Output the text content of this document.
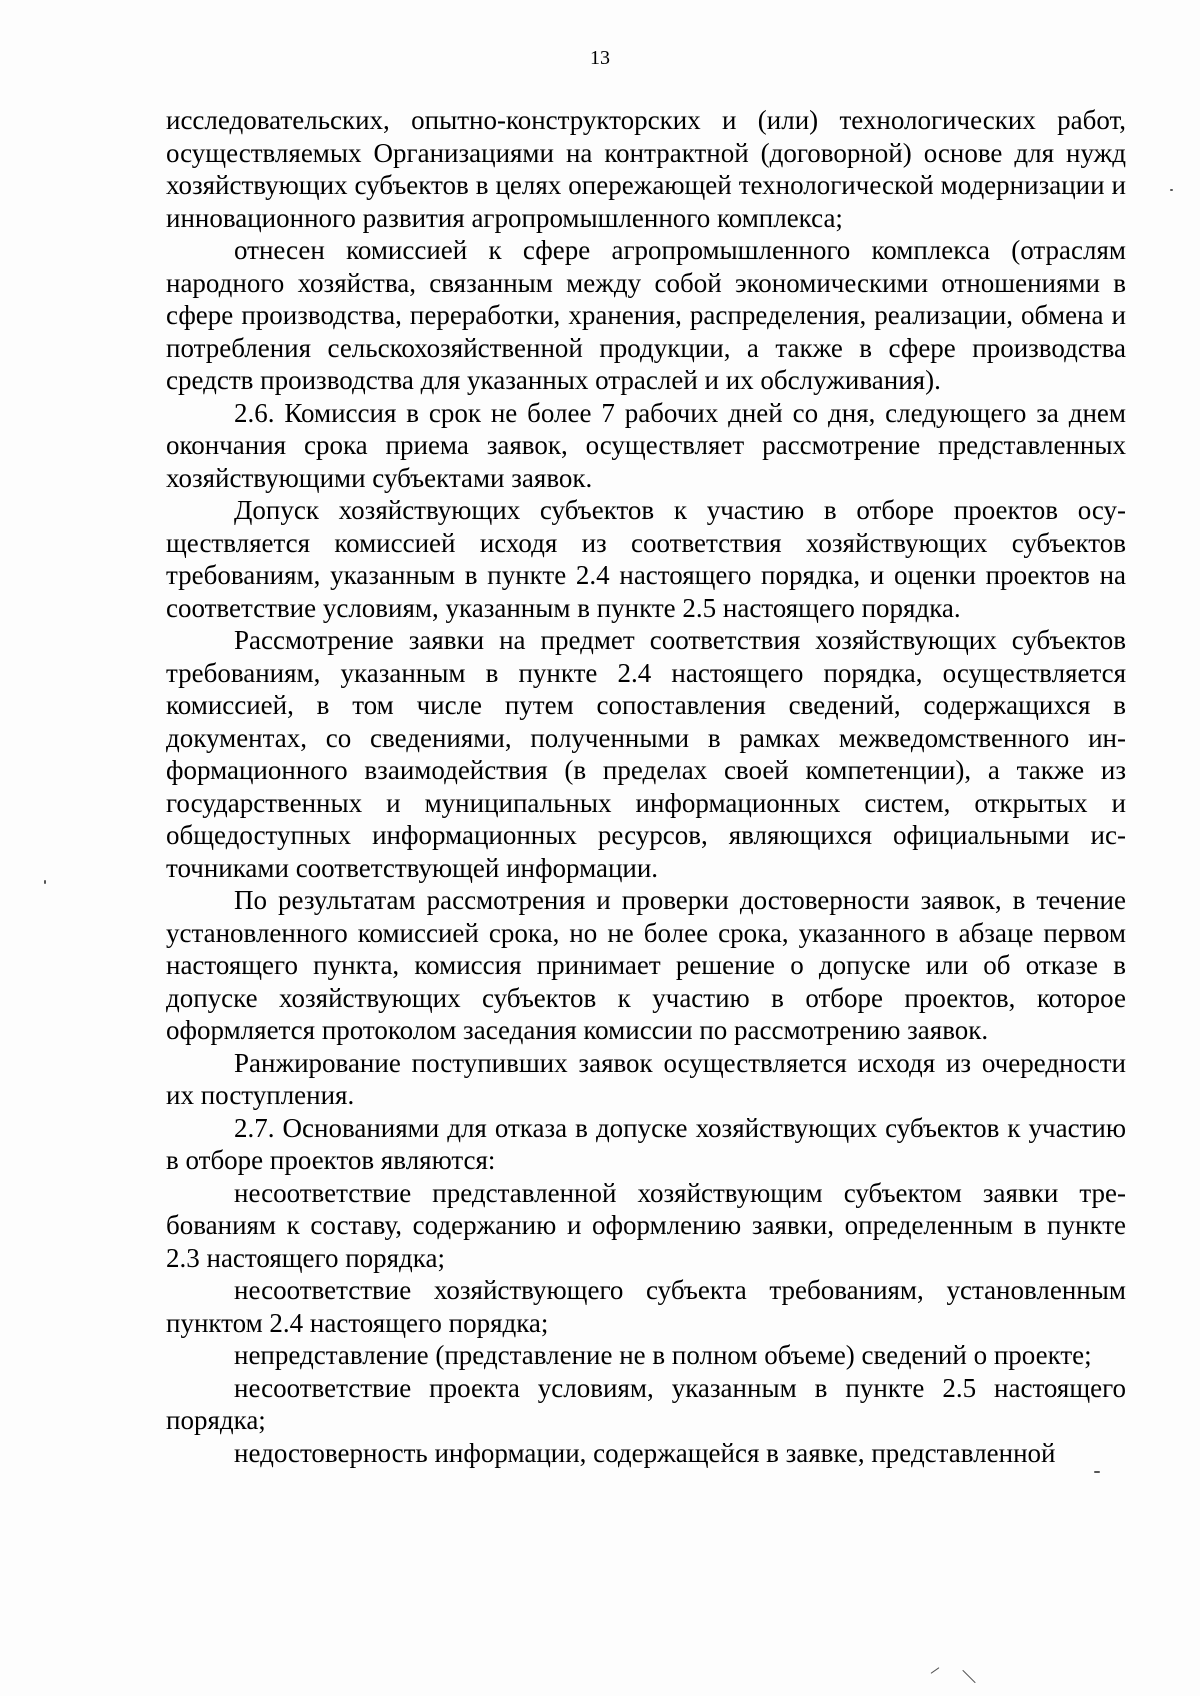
13

исследовательских, опытно-конструкторских и (или) технологических работ, осуществляемых Организациями на контрактной (договорной) основе для нужд хозяйствующих субъектов в целях опережающей технологической модернизации и инновационного развития агропромышленного комплекса;

отнесен комиссией к сфере агропромышленного комплекса (отраслям народного хозяйства, связанным между собой экономическими отношениями в сфере производства, переработки, хранения, распределения, реализации, обмена и потребления сельскохозяйственной продукции, а также в сфере производства средств производства для указанных отраслей и их обслуживания).

2.6. Комиссия в срок не более 7 рабочих дней со дня, следующего за днем окончания срока приема заявок, осуществляет рассмотрение представленных хозяйствующими субъектами заявок.

Допуск хозяйствующих субъектов к участию в отборе проектов осуществляется комиссией исходя из соответствия хозяйствующих субъектов требованиям, указанным в пункте 2.4 настоящего порядка, и оценки проектов на соответствие условиям, указанным в пункте 2.5 настоящего порядка.

Рассмотрение заявки на предмет соответствия хозяйствующих субъектов требованиям, указанным в пункте 2.4 настоящего порядка, осуществляется комиссией, в том числе путем сопоставления сведений, содержащихся в документах, со сведениями, полученными в рамках межведомственного информационного взаимодействия (в пределах своей компетенции), а также из государственных и муниципальных информационных систем, открытых и общедоступных информационных ресурсов, являющихся официальными источниками соответствующей информации.

По результатам рассмотрения и проверки достоверности заявок, в течение установленного комиссией срока, но не более срока, указанного в абзаце первом настоящего пункта, комиссия принимает решение о допуске или об отказе в допуске хозяйствующих субъектов к участию в отборе проектов, которое оформляется протоколом заседания комиссии по рассмотрению заявок.

Ранжирование поступивших заявок осуществляется исходя из очередности их поступления.

2.7. Основаниями для отказа в допуске хозяйствующих субъектов к участию в отборе проектов являются:

несоответствие представленной хозяйствующим субъектом заявки требованиям к составу, содержанию и оформлению заявки, определенным в пункте 2.3 настоящего порядка;

несоответствие хозяйствующего субъекта требованиям, установленным пунктом 2.4 настоящего порядка;

непредставление (представление не в полном объеме) сведений о проекте;

несоответствие проекта условиям, указанным в пункте 2.5 настоящего порядка;

недостоверность информации, содержащейся в заявке, представленной
